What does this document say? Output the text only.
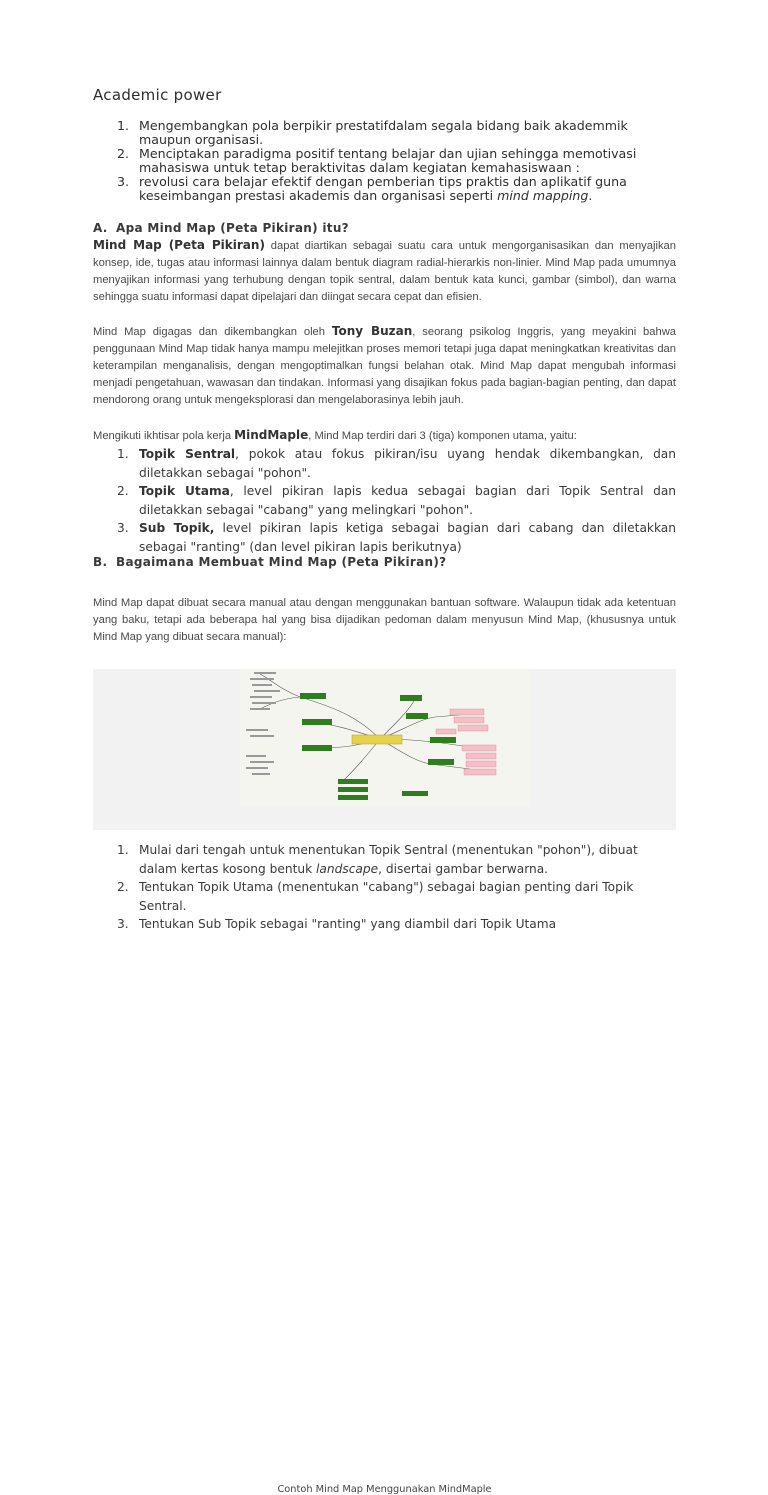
Academic power
1. Mengembangkan pola berpikir prestatifdalam segala bidang baik akademmik maupun organisasi.
2. Menciptakan paradigma positif tentang belajar dan ujian sehingga memotivasi mahasiswa untuk tetap beraktivitas dalam kegiatan kemahasiswaan :
3. revolusi cara belajar efektif dengan pemberian tips praktis dan aplikatif guna keseimbangan prestasi akademis dan organisasi seperti mind mapping.
A. Apa Mind Map (Peta Pikiran) itu?

Mind Map (Peta Pikiran) dapat diartikan sebagai suatu cara untuk mengorganisasikan dan menyajikan konsep, ide, tugas atau informasi lainnya dalam bentuk diagram radial-hierarkis non-linier. Mind Map pada umumnya menyajikan informasi yang terhubung dengan topik sentral, dalam bentuk kata kunci, gambar (simbol), dan warna sehingga suatu informasi dapat dipelajari dan diingat secara cepat dan efisien.

Mind Map digagas dan dikembangkan oleh Tony Buzan, seorang psikolog Inggris, yang meyakini bahwa penggunaan Mind Map tidak hanya mampu melejitkan proses memori tetapi juga dapat meningkatkan kreativitas dan keterampilan menganalisis, dengan mengoptimalkan fungsi belahan otak. Mind Map dapat mengubah informasi menjadi pengetahuan, wawasan dan tindakan. Informasi yang disajikan fokus pada bagian-bagian penting, dan dapat mendorong orang untuk mengeksplorasi dan mengelaborasinya lebih jauh.

Mengikuti ikhtisar pola kerja MindMaple, Mind Map terdiri dari 3 (tiga) komponen utama, yaitu:

1. Topik Sentral, pokok atau fokus pikiran/isu uyang hendak dikembangkan, dan diletakkan sebagai "pohon".
2. Topik Utama, level pikiran lapis kedua sebagai bagian dari Topik Sentral dan diletakkan sebagai "cabang" yang melingkari "pohon".
3. Sub Topik, level pikiran lapis ketiga sebagai bagian dari cabang dan diletakkan sebagai "ranting" (dan level pikiran lapis berikutnya)
B. Bagaimana Membuat Mind Map (Peta Pikiran)?

Mind Map dapat dibuat secara manual atau dengan menggunakan bantuan software. Walaupun tidak ada ketentuan yang baku, tetapi ada beberapa hal yang bisa dijadikan pedoman dalam menyusun Mind Map, (khususnya untuk Mind Map yang dibuat secara manual):

Contoh Mind Map Menggunakan MindMaple
1. Mulai dari tengah untuk menentukan Topik Sentral (menentukan "pohon"), dibuat dalam kertas kosong bentuk landscape, disertai gambar berwarna.
2. Tentukan Topik Utama (menentukan "cabang") sebagai bagian penting dari Topik Sentral.
3. Tentukan Sub Topik sebagai "ranting" yang diambil dari Topik Utama
